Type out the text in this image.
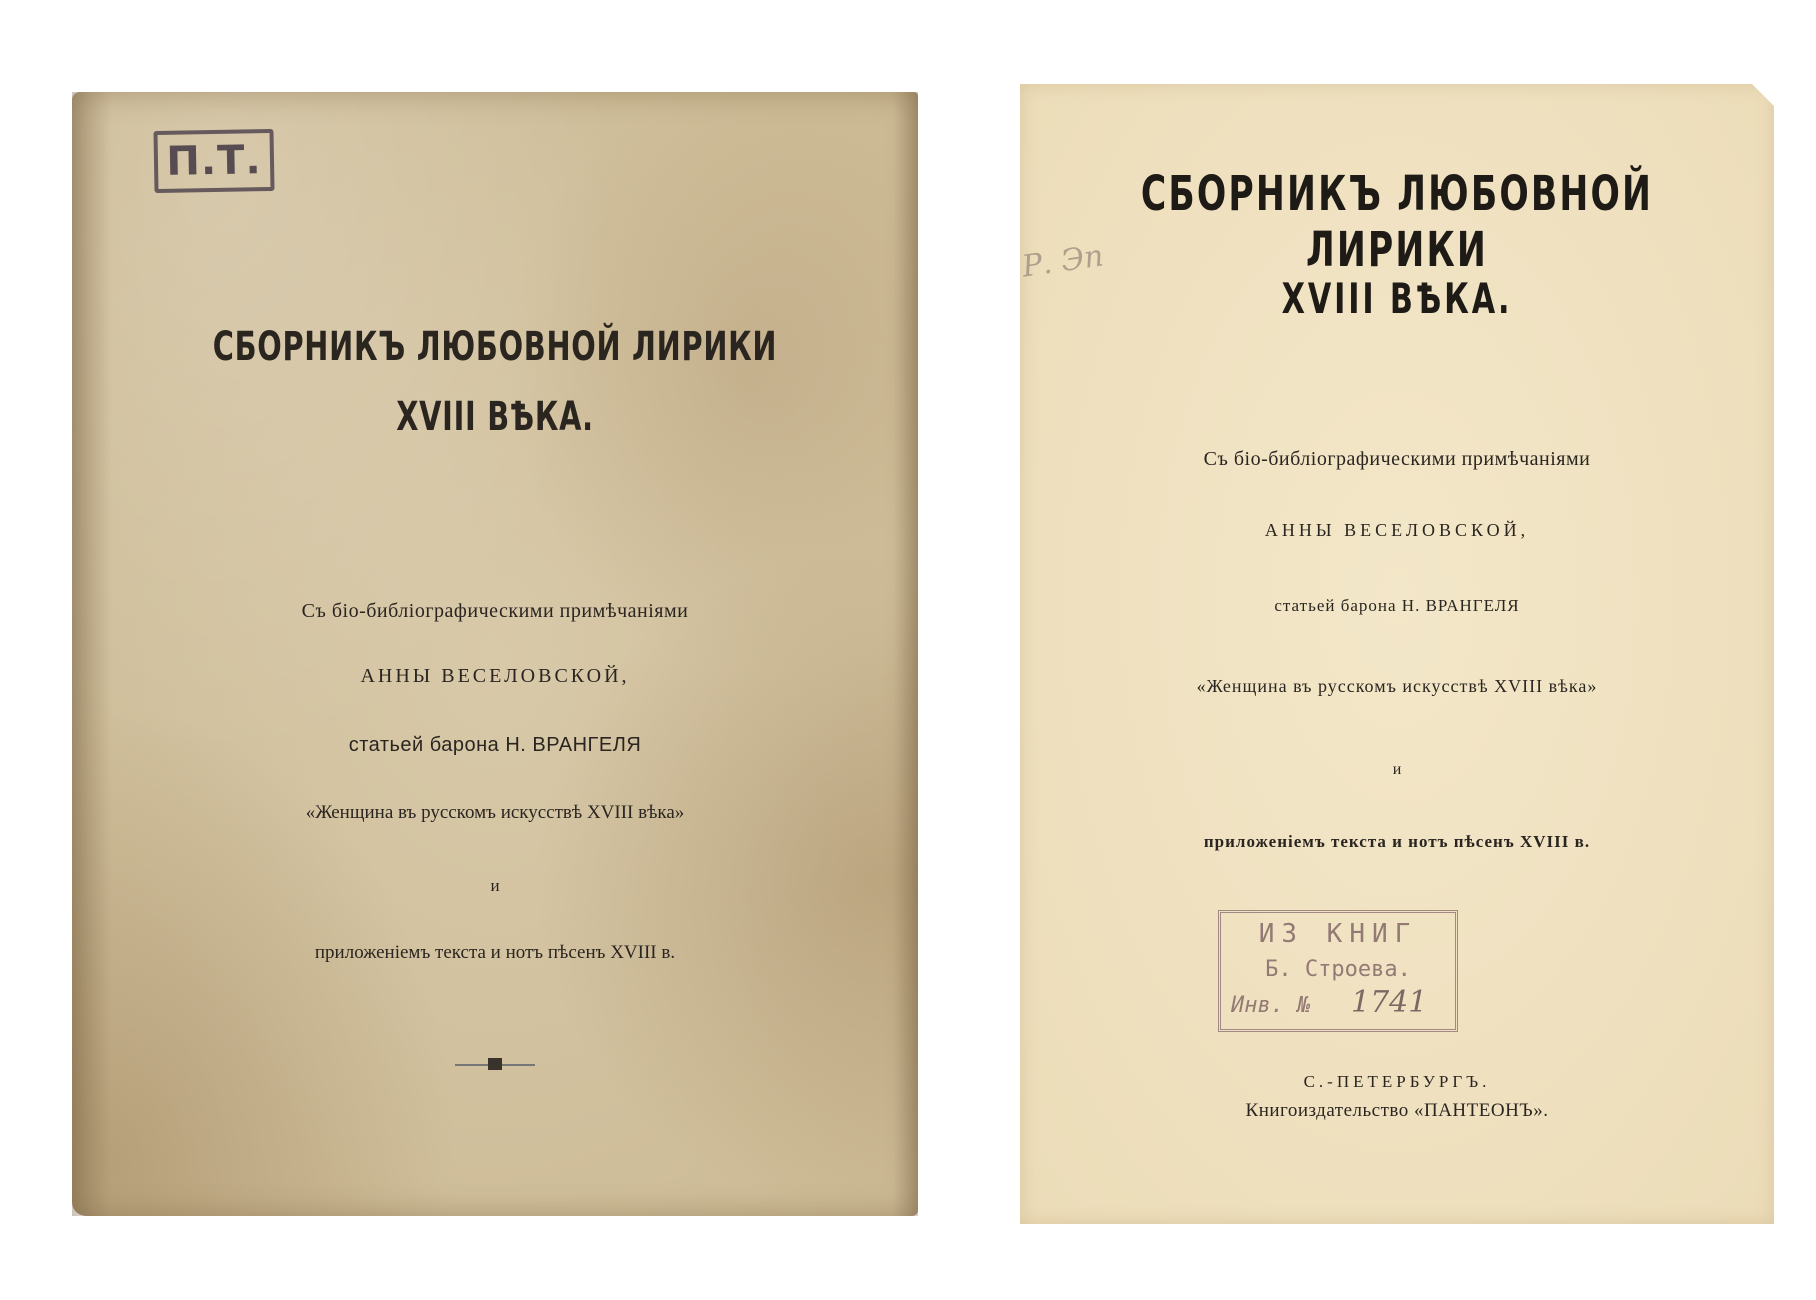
П.Т.
СБОРНИКЪ ЛЮБОВНОЙ ЛИРИКИ
XVIII ВѢКА.
Съ біо-библіографическими примѣчаніями
АННЫ ВЕСЕЛОВСКОЙ,
статьей барона Н. ВРАНГЕЛЯ
«Женщина въ русскомъ искусствѣ XVIII вѣка»
и
приложеніемъ текста и нотъ пѣсенъ XVIII в.
Р. Эп
СБОРНИКЪ ЛЮБОВНОЙ ЛИРИКИ
XVIII ВѢКА.
Съ біо-библіографическими примѣчаніями
АННЫ ВЕСЕЛОВСКОЙ,
статьей барона Н. ВРАНГЕЛЯ
«Женщина въ русскомъ искусствѣ XVIII вѣка»
и
приложеніемъ текста и нотъ пѣсенъ XVIII в.
ИЗ КНИГ
Б. Строева.
Инв. № 1741
С.-ПЕТЕРБУРГЪ.
Книгоиздательство «ПАНТЕОНЪ».
